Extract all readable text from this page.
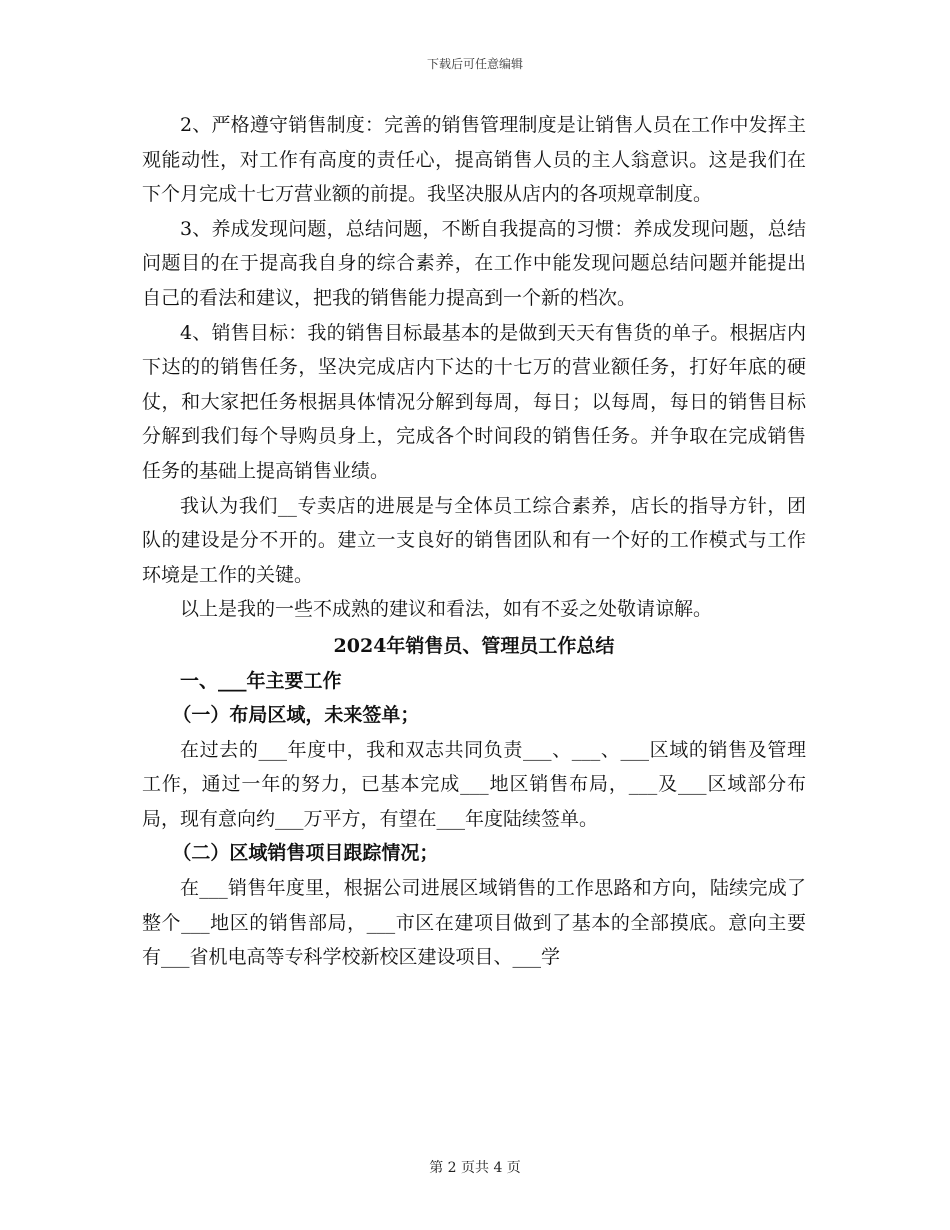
下载后可任意编辑

2、严格遵守销售制度：完善的销售管理制度是让销售人员在工作中发挥主观能动性，对工作有高度的责任心，提高销售人员的主人翁意识。这是我们在下个月完成十七万营业额的前提。我坚决服从店内的各项规章制度。

3、养成发现问题，总结问题，不断自我提高的习惯：养成发现问题，总结问题目的在于提高我自身的综合素养，在工作中能发现问题总结问题并能提出自己的看法和建议，把我的销售能力提高到一个新的档次。

4、销售目标：我的销售目标最基本的是做到天天有售货的单子。根据店内下达的的销售任务，坚决完成店内下达的十七万的营业额任务，打好年底的硬仗，和大家把任务根据具体情况分解到每周，每日；以每周，每日的销售目标分解到我们每个导购员身上，完成各个时间段的销售任务。并争取在完成销售任务的基础上提高销售业绩。

我认为我们__专卖店的进展是与全体员工综合素养，店长的指导方针，团队的建设是分不开的。建立一支良好的销售团队和有一个好的工作模式与工作环境是工作的关键。

以上是我的一些不成熟的建议和看法，如有不妥之处敬请谅解。

2024年销售员、管理员工作总结

一、___年主要工作

（一）布局区域，未来签单；

在过去的___年度中，我和双志共同负责___、___、___区域的销售及管理工作，通过一年的努力，已基本完成___地区销售布局，___及___区域部分布局，现有意向约___万平方，有望在___年度陆续签单。

（二）区域销售项目跟踪情况；

在___销售年度里，根据公司进展区域销售的工作思路和方向，陆续完成了整个___地区的销售部局，___市区在建项目做到了基本的全部摸底。意向主要有___省机电高等专科学校新校区建设项目、___学

第 2 页共 4 页
